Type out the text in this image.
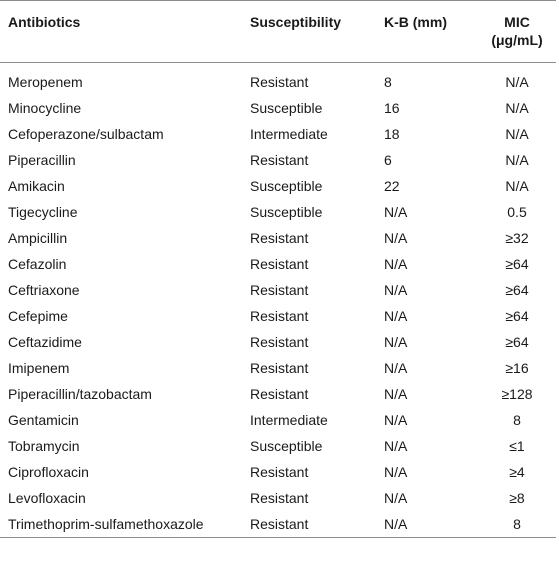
Antibiotics	Susceptibility	K-B (mm)	MIC
(μg/mL)

Meropenem	Resistant	8	N/A
Minocycline	Susceptible	16	N/A
Cefoperazone/sulbactam	Intermediate	18	N/A
Piperacillin	Resistant	6	N/A
Amikacin	Susceptible	22	N/A
Tigecycline	Susceptible	N/A	0.5
Ampicillin	Resistant	N/A	≥32
Cefazolin	Resistant	N/A	≥64
Ceftriaxone	Resistant	N/A	≥64
Cefepime	Resistant	N/A	≥64
Ceftazidime	Resistant	N/A	≥64
Imipenem	Resistant	N/A	≥16
Piperacillin/tazobactam	Resistant	N/A	≥128
Gentamicin	Intermediate	N/A	8
Tobramycin	Susceptible	N/A	≤1
Ciprofloxacin	Resistant	N/A	≥4
Levofloxacin	Resistant	N/A	≥8
Trimethoprim-sulfamethoxazole	Resistant	N/A	8
